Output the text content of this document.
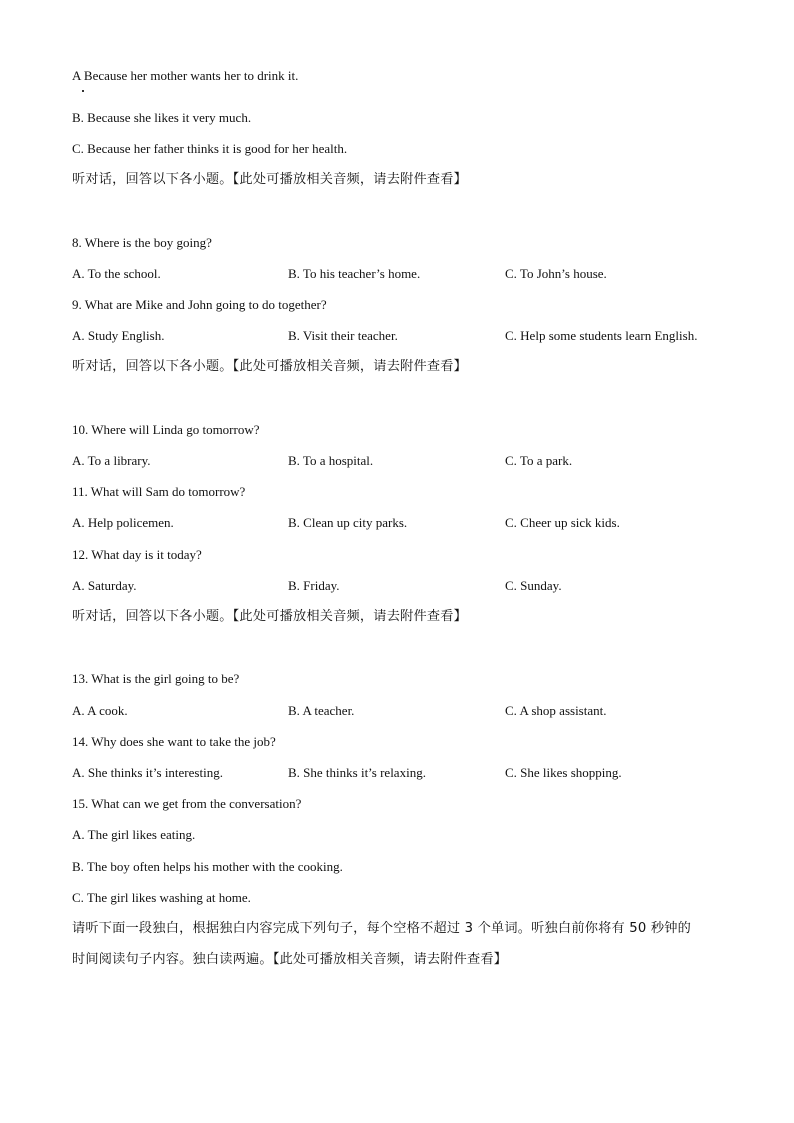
A Because her mother wants her to drink it.
B. Because she likes it very much.
C. Because her father thinks it is good for her health.
听对话，回答以下各小题。【此处可播放相关音频，请去附件查看】
8. Where is the boy going?
A. To the school.	B. To his teacher’s home.	C. To John’s house.
9. What are Mike and John going to do together?
A. Study English.	B. Visit their teacher.	C. Help some students learn English.
听对话，回答以下各小题。【此处可播放相关音频，请去附件查看】
10. Where will Linda go tomorrow?
A. To a library.	B. To a hospital.	C. To a park.
11. What will Sam do tomorrow?
A. Help policemen.	B. Clean up city parks.	C. Cheer up sick kids.
12. What day is it today?
A. Saturday.	B. Friday.	C. Sunday.
听对话，回答以下各小题。【此处可播放相关音频，请去附件查看】
13. What is the girl going to be?
A. A cook.	B. A teacher.	C. A shop assistant.
14. Why does she want to take the job?
A. She thinks it’s interesting.	B. She thinks it’s relaxing.	C. She likes shopping.
15. What can we get from the conversation?
A. The girl likes eating.
B. The boy often helps his mother with the cooking.
C. The girl likes washing at home.
请听下面一段独白，根据独白内容完成下列句子，每个空格不超过 3 个单词。听独白前你将有 50 秒钟的
时间阅读句子内容。独白读两遍。【此处可播放相关音频，请去附件查看】
